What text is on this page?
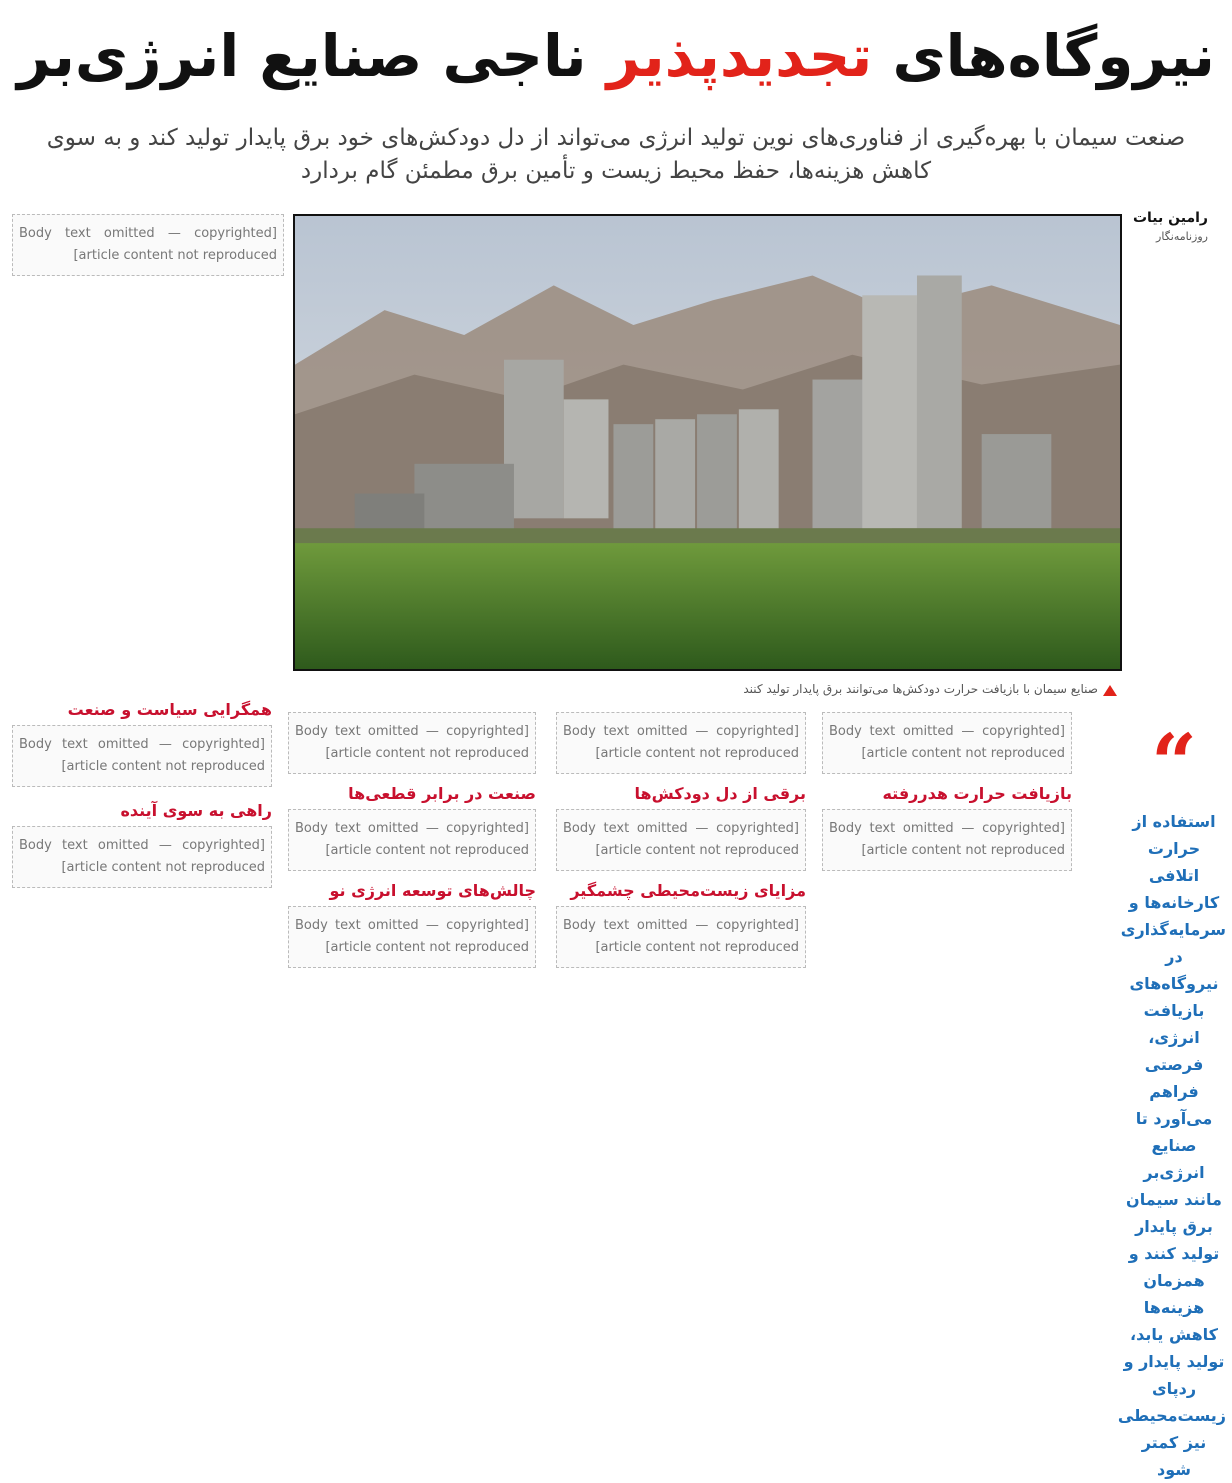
نیروگاه‌های تجدیدپذیر ناجی صنایع انرژی‌بر
صنعت سیمان با بهره‌گیری از فناوری‌های نوین تولید انرژی می‌تواند از دل دودکش‌های خود برق پایدار تولید کند و به سوی کاهش هزینه‌ها، حفظ محیط زیست و تأمین برق مطمئن گام بردارد
رامین بیات
روزنامه‌نگار
صنایع سیمان با بازیافت حرارت دودکش‌ها می‌توانند برق پایدار تولید کنند
[Body text omitted — copyrighted article content not reproduced]
همگرایی سیاست و صنعت
[Body text omitted — copyrighted article content not reproduced]
راهی به سوی آینده
[Body text omitted — copyrighted article content not reproduced]
[Body text omitted — copyrighted article content not reproduced]
صنعت در برابر قطعی‌ها
[Body text omitted — copyrighted article content not reproduced]
چالش‌های توسعه انرژی نو
[Body text omitted — copyrighted article content not reproduced]
[Body text omitted — copyrighted article content not reproduced]
برقی از دل دودکش‌ها
[Body text omitted — copyrighted article content not reproduced]
مزایای زیست‌محیطی چشمگیر
[Body text omitted — copyrighted article content not reproduced]
[Body text omitted — copyrighted article content not reproduced]
بازیافت حرارت هدررفته
[Body text omitted — copyrighted article content not reproduced]
“
استفاده از حرارت اتلافی کارخانه‌ها و سرمایه‌گذاری در نیروگاه‌های بازیافت انرژی، فرصتی فراهم می‌آورد تا صنایع انرژی‌بر مانند سیمان برق پایدار تولید کنند و همزمان هزینه‌ها کاهش یابد، تولید پایدار و ردپای زیست‌محیطی نیز کمتر شود
